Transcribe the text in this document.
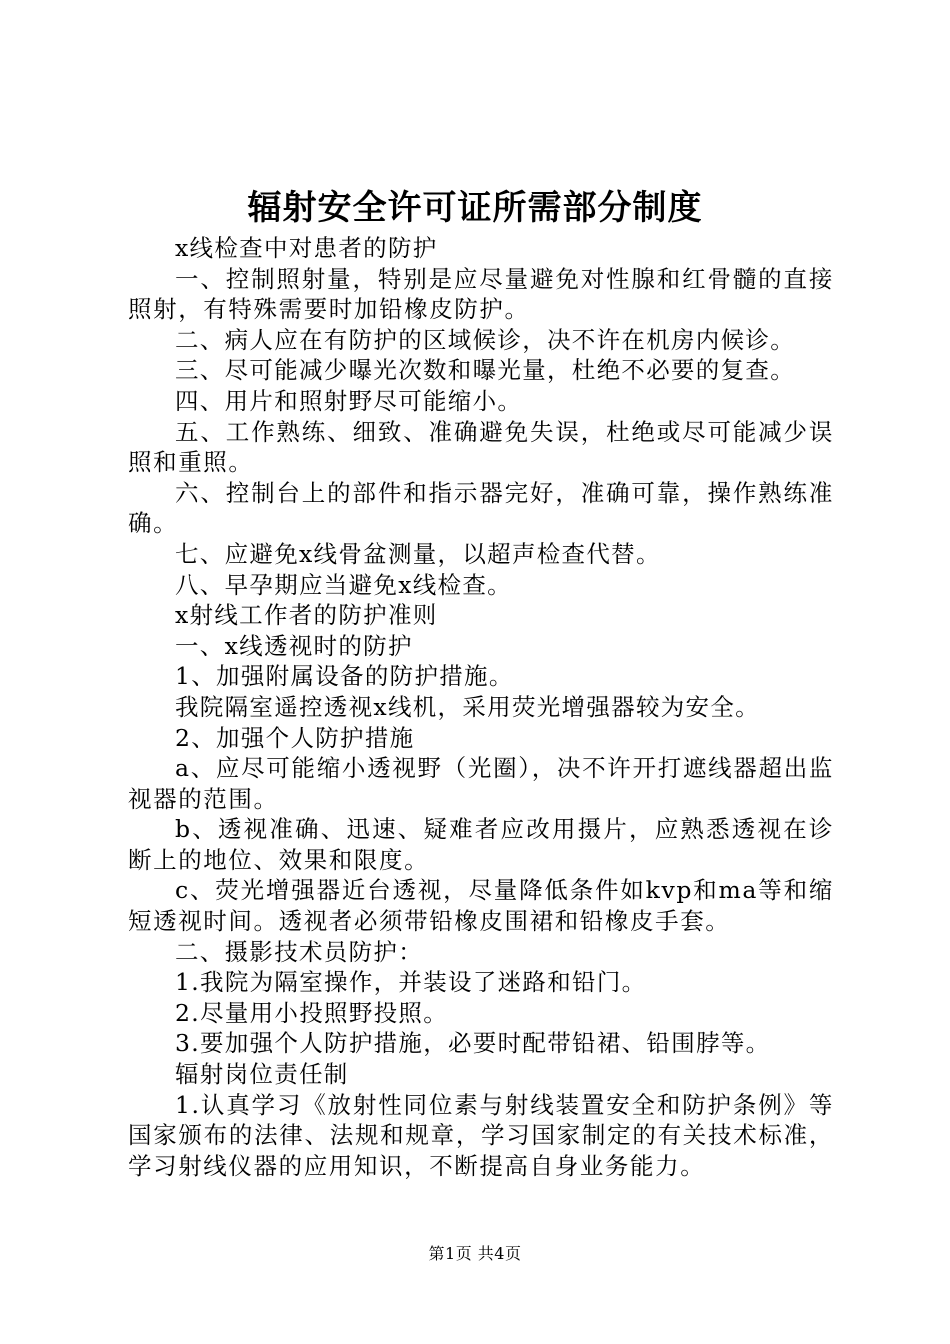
辐射安全许可证所需部分制度

x线检查中对患者的防护

一、控制照射量，特别是应尽量避免对性腺和红骨髓的直接照射，有特殊需要时加铅橡皮防护。

二、病人应在有防护的区域候诊，决不许在机房内候诊。

三、尽可能减少曝光次数和曝光量，杜绝不必要的复查。

四、用片和照射野尽可能缩小。

五、工作熟练、细致、准确避免失误，杜绝或尽可能减少误照和重照。

六、控制台上的部件和指示器完好，准确可靠，操作熟练准确。

七、应避免x线骨盆测量，以超声检查代替。

八、早孕期应当避免x线检查。

x射线工作者的防护准则

一、x线透视时的防护

1、加强附属设备的防护措施。

我院隔室遥控透视x线机，采用荧光增强器较为安全。

2、加强个人防护措施

a、应尽可能缩小透视野（光圈），决不许开打遮线器超出监视器的范围。

b、透视准确、迅速、疑难者应改用摄片，应熟悉透视在诊断上的地位、效果和限度。

c、荧光增强器近台透视，尽量降低条件如kvp和ma等和缩短透视时间。透视者必须带铅橡皮围裙和铅橡皮手套。

二、摄影技术员防护：

1.我院为隔室操作，并装设了迷路和铅门。

2.尽量用小投照野投照。

3.要加强个人防护措施，必要时配带铅裙、铅围脖等。

辐射岗位责任制

1.认真学习《放射性同位素与射线装置安全和防护条例》等国家颁布的法律、法规和规章，学习国家制定的有关技术标准，学习射线仪器的应用知识，不断提高自身业务能力。

第1页 共4页
